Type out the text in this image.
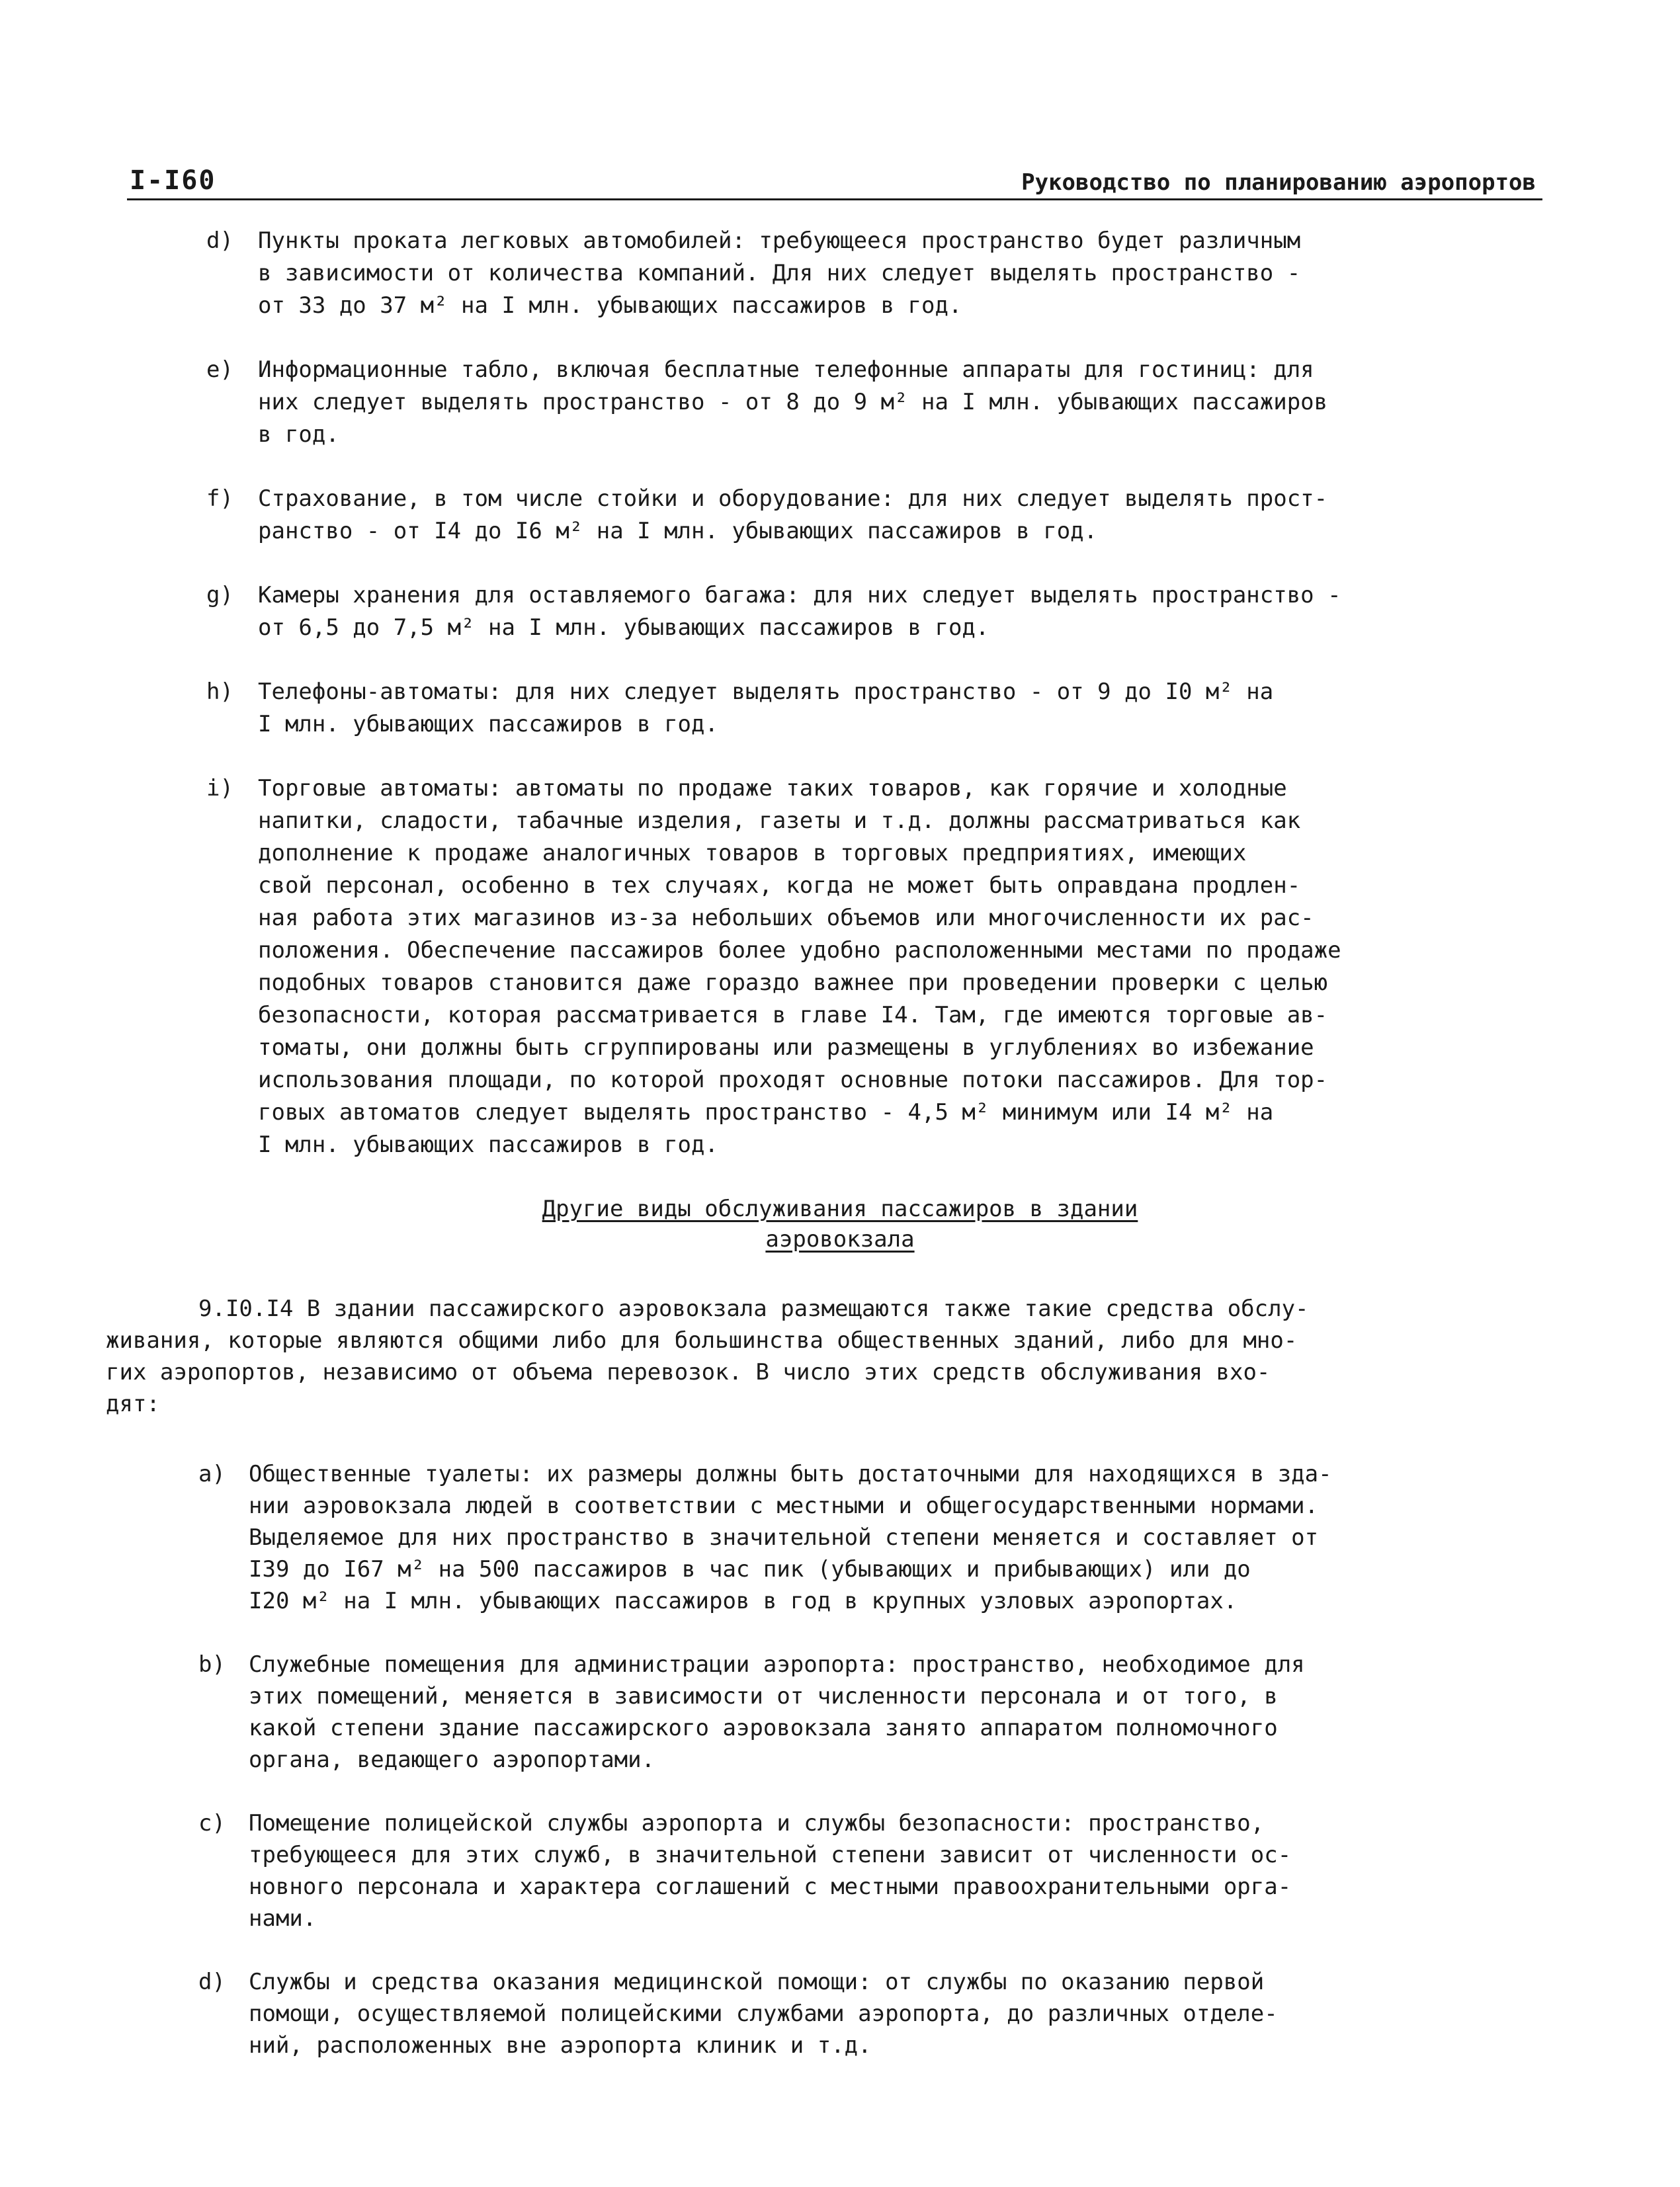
I-I60	Руководство по планированию аэропортов
d) Пункты проката легковых автомобилей: требующееся пространство будет различным
в зависимости от количества компаний. Для них следует выделять пространство -
от 33 до 37 м² на I млн. убывающих пассажиров в год.
e) Информационные табло, включая бесплатные телефонные аппараты для гостиниц: для
них следует выделять пространство - от 8 до 9 м² на I млн. убывающих пассажиров
в год.
f) Страхование, в том числе стойки и оборудование: для них следует выделять прост-
ранство - от I4 до I6 м² на I млн. убывающих пассажиров в год.
g) Камеры хранения для оставляемого багажа: для них следует выделять пространство -
от 6,5 до 7,5 м² на I млн. убывающих пассажиров в год.
h) Телефоны-автоматы: для них следует выделять пространство - от 9 до I0 м² на
I млн. убывающих пассажиров в год.
i) Торговые автоматы: автоматы по продаже таких товаров, как горячие и холодные
напитки, сладости, табачные изделия, газеты и т.д. должны рассматриваться как
дополнение к продаже аналогичных товаров в торговых предприятиях, имеющих
свой персонал, особенно в тех случаях, когда не может быть оправдана продлен-
ная работа этих магазинов из-за небольших объемов или многочисленности их рас-
положения. Обеспечение пассажиров более удобно расположенными местами по продаже
подобных товаров становится даже гораздо важнее при проведении проверки с целью
безопасности, которая рассматривается в главе I4. Там, где имеются торговые ав-
томаты, они должны быть сгруппированы или размещены в углублениях во избежание
использования площади, по которой проходят основные потоки пассажиров. Для тор-
говых автоматов следует выделять пространство - 4,5 м² минимум или I4 м² на
I млн. убывающих пассажиров в год.
Другие виды обслуживания пассажиров в здании
аэровокзала
9.I0.I4 В здании пассажирского аэровокзала размещаются также такие средства обслу-
живания, которые являются общими либо для большинства общественных зданий, либо для мно-
гих аэропортов, независимо от объема перевозок. В число этих средств обслуживания вхо-
дят:
a) Общественные туалеты: их размеры должны быть достаточными для находящихся в зда-
нии аэровокзала людей в соответствии с местными и общегосударственными нормами.
Выделяемое для них пространство в значительной степени меняется и составляет от
I39 до I67 м² на 500 пассажиров в час пик (убывающих и прибывающих) или до
I20 м² на I млн. убывающих пассажиров в год в крупных узловых аэропортах.
b) Служебные помещения для администрации аэропорта: пространство, необходимое для
этих помещений, меняется в зависимости от численности персонала и от того, в
какой степени здание пассажирского аэровокзала занято аппаратом полномочного
органа, ведающего аэропортами.
c) Помещение полицейской службы аэропорта и службы безопасности: пространство,
требующееся для этих служб, в значительной степени зависит от численности ос-
новного персонала и характера соглашений с местными правоохранительными орга-
нами.
d) Службы и средства оказания медицинской помощи: от службы по оказанию первой
помощи, осуществляемой полицейскими службами аэропорта, до различных отделе-
ний, расположенных вне аэропорта клиник и т.д.
